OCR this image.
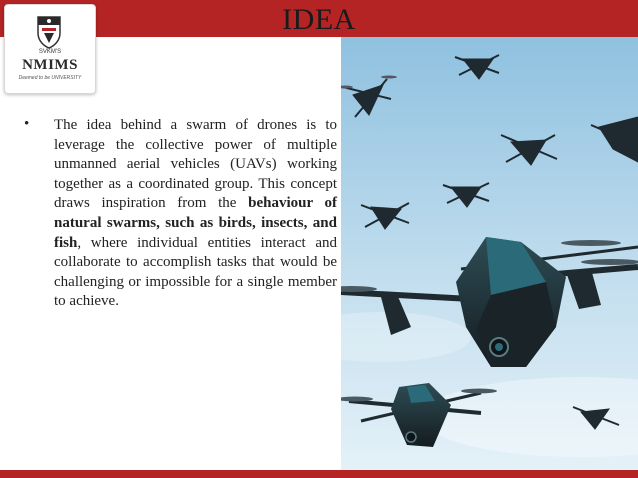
IDEA
SVKM'S
NMIMS
Deemed to be UNIVERSITY
• The idea behind a swarm of drones is to leverage the collective power of multiple unmanned aerial vehicles (UAVs) working together as a coordinated group. This concept draws inspiration from the behaviour of natural swarms, such as birds, insects, and fish, where individual entities interact and collaborate to accomplish tasks that would be challenging or impossible for a single member to achieve.
